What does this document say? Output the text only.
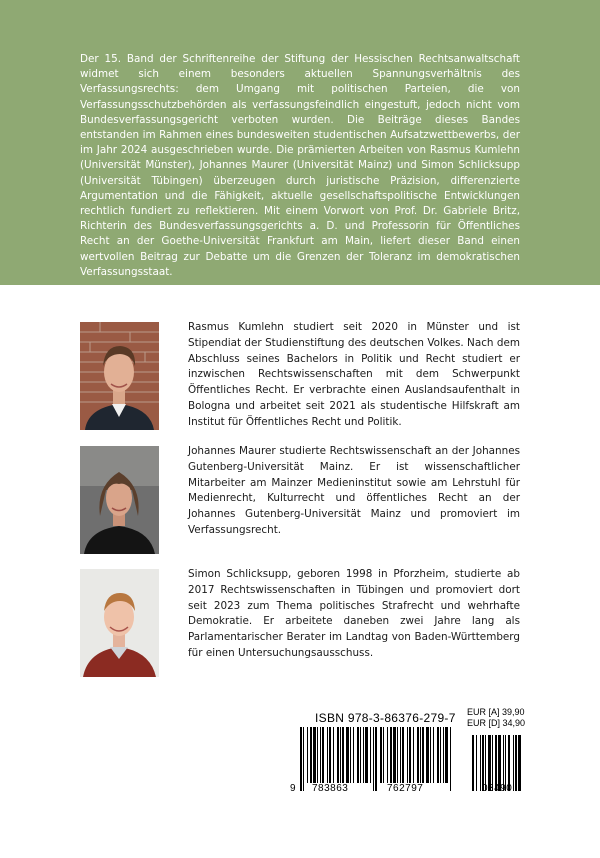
Der 15. Band der Schriftenreihe der Stiftung der Hessischen Rechtsanwaltschaft widmet sich einem besonders aktuellen Spannungsverhältnis des Verfassungsrechts: dem Umgang mit politischen Parteien, die von Verfassungsschutzbehörden als verfassungsfeindlich eingestuft, jedoch nicht vom Bundesverfassungsgericht verboten wurden. Die Beiträge dieses Bandes entstanden im Rahmen eines bundesweiten studentischen Aufsatzwettbewerbs, der im Jahr 2024 ausgeschrieben wurde. Die prämierten Arbeiten von Rasmus Kumlehn (Universität Münster), Johannes Maurer (Universität Mainz) und Simon Schlicksupp (Universität Tübingen) überzeugen durch juristische Präzision, differenzierte Argumentation und die Fähigkeit, aktuelle gesellschaftspolitische Entwicklungen rechtlich fundiert zu reflektieren. Mit einem Vorwort von Prof. Dr. Gabriele Britz, Richterin des Bundesverfassungsgerichts a. D. und Professorin für Öffentliches Recht an der Goethe-Universität Frankfurt am Main, liefert dieser Band einen wertvollen Beitrag zur Debatte um die Grenzen der Toleranz im demokratischen Verfassungsstaat.

Rasmus Kumlehn studiert seit 2020 in Münster und ist Stipendiat der Studienstiftung des deutschen Volkes. Nach dem Abschluss seines Bachelors in Politik und Recht studiert er inzwischen Rechtswissenschaften mit dem Schwerpunkt Öffentliches Recht. Er verbrachte einen Auslandsaufenthalt in Bologna und arbeitet seit 2021 als studentische Hilfskraft am Institut für Öffentliches Recht und Politik.

Johannes Maurer studierte Rechtswissenschaft an der Johannes Gutenberg-Universität Mainz. Er ist wissenschaftlicher Mitarbeiter am Mainzer Medieninstitut sowie am Lehrstuhl für Medienrecht, Kulturrecht und öffentliches Recht an der Johannes Gutenberg-Universität Mainz und promoviert im Verfassungsrecht.

Simon Schlicksupp, geboren 1998 in Pforzheim, studierte ab 2017 Rechtswissenschaften in Tübingen und promoviert dort seit 2023 zum Thema politisches Strafrecht und wehrhafte Demokratie. Er arbeitete daneben zwei Jahre lang als Parlamentarischer Berater im Landtag von Baden-Württemberg für einen Untersuchungsausschuss.

ISBN 978-3-86376-279-7 EUR [A] 39,90
EUR [D] 34,90
9 783863	762797	03490
